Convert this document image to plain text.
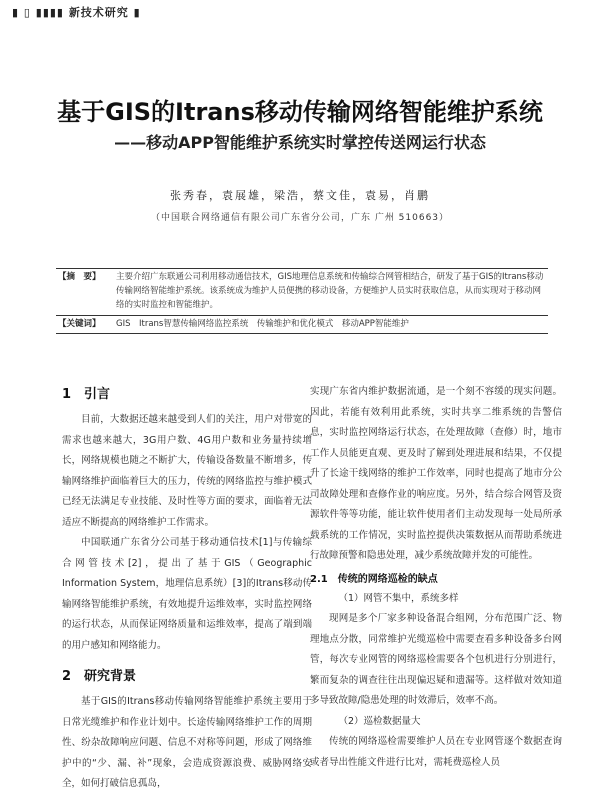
▮ ▯ ▮▮▮▮ 新技术研究 ▮
基于GIS的Itrans移动传输网络智能维护系统
——移动APP智能维护系统实时掌控传送网运行状态
张秀春，袁展雄，梁浩，蔡文佳，袁易，肖鹏
（中国联合网络通信有限公司广东省分公司，广东 广州 510663）
【摘　要】	主要介绍广东联通公司利用移动通信技术，GIS地理信息系统和传输综合网管相结合，研发了基于GIS的Itrans移动传输网络智能维护系统。该系统成为维护人员便携的移动设备，方便维护人员实时获取信息，从而实现对于移动网络的实时监控和智能维护。
【关键词】	GIS　Itrans智慧传输网络监控系统　传输维护和优化模式　移动APP智能维护
1　引言

目前，大数据还越来越受到人们的关注，用户对带宽的需求也越来越大，3G用户数、4G用户数和业务量持续增长，网络规模也随之不断扩大，传输设备数量不断增多，传输网络维护面临着巨大的压力，传统的网络监控与维护模式已经无法满足专业技能、及时性等方面的要求，面临着无法适应不断提高的网络维护工作需求。

中国联通广东省分公司基于移动通信技术[1]与传输综合网管技术[2]，提出了基于GIS（Geographic Information System，地理信息系统）[3]的Itrans移动传输网络智能维护系统，有效地提升运维效率，实时监控网络的运行状态，从而保证网络质量和运维效率，提高了端到端的用户感知和网络能力。

2　研究背景

基于GIS的Itrans移动传输网络智能维护系统主要用于日常光缆维护和作业计划中。长途传输网络维护工作的周期性、纷杂故障响应问题、信息不对称等问题，形成了网络维护中的“少、漏、补”现象，会造成资源浪费、威胁网络安全，如何打破信息孤岛，

实现广东省内维护数据流通，是一个刻不容缓的现实问题。因此，若能有效利用此系统，实时共享二维系统的告警信息，实时监控网络运行状态，在处理故障（查修）时，地市工作人员能更直观、更及时了解到处理进展和结果，不仅提升了长途干线网络的维护工作效率，同时也提高了地市分公司故障处理和查修作业的响应度。另外，结合综合网管及资源软件等等功能，能让软件使用者们主动发现每一处局所承载系统的工作情况，实时监控提供决策数据从而帮助系统进行故障预警和隐患处理，减少系统故障并发的可能性。

2.1　传统的网络巡检的缺点

（1）网管不集中，系统多样

现网是多个厂家多种设备混合组网，分布范围广泛、物理地点分散，同常维护光缆巡检中需要查看多种设备多台网管，每次专业网管的网络巡检需要各个包机进行分别进行，繁而复杂的调查往往出现偏迟疑和遗漏等。这样做对效知道多导致故障/隐患处理的时效滞后，效率不高。

（2）巡检数据量大

传统的网络巡检需要维护人员在专业网管逐个数据查询或者导出性能文件进行比对，需耗费巡检人员
